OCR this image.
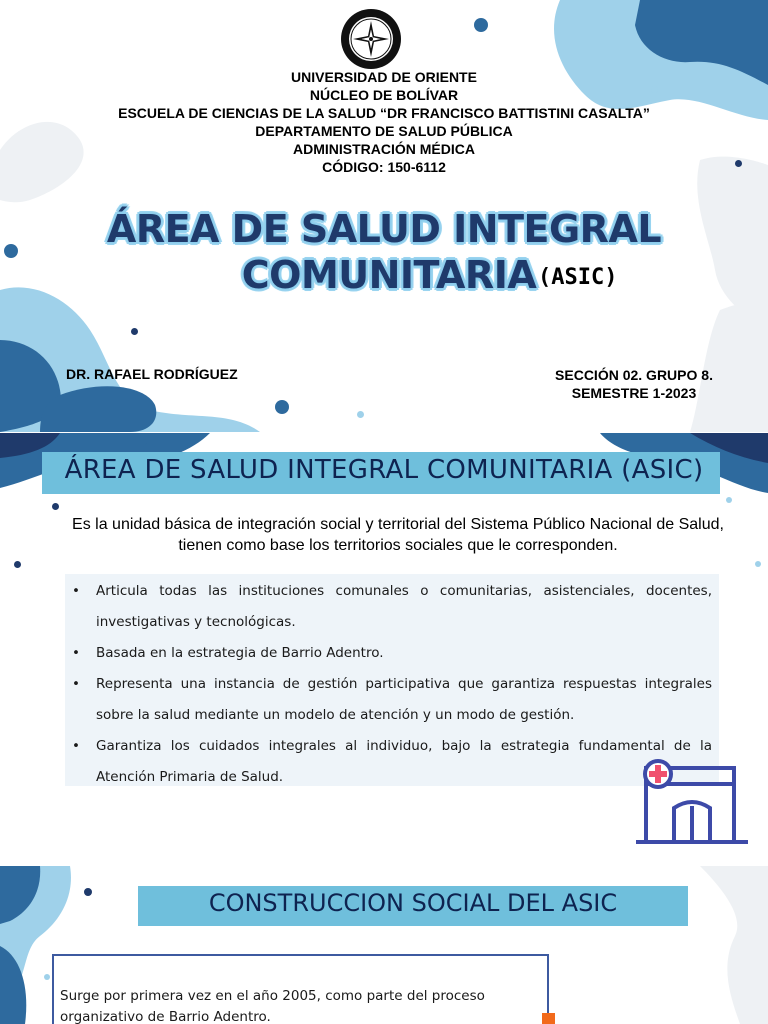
UNIVERSIDAD DE ORIENTE
NÚCLEO DE BOLÍVAR
ESCUELA DE CIENCIAS DE LA SALUD “DR FRANCISCO BATTISTINI CASALTA”
DEPARTAMENTO DE SALUD PÚBLICA
ADMINISTRACIÓN MÉDICA
CÓDIGO: 150-6112
ÁREA DE SALUD INTEGRAL
COMUNITARIA (ASIC)
DR. RAFAEL RODRÍGUEZ	SECCIÓN 02. GRUPO 8.
SEMESTRE 1-2023
ÁREA DE SALUD INTEGRAL COMUNITARIA (ASIC)
Es la unidad básica de integración social y territorial del Sistema Público Nacional de Salud, tienen como base los territorios sociales que le corresponden.
• Articula todas las instituciones comunales o comunitarias, asistenciales, docentes, investigativas y tecnológicas.
• Basada en la estrategia de Barrio Adentro.
• Representa una instancia de gestión participativa que garantiza respuestas integrales sobre la salud mediante un modelo de atención y un modo de gestión.
• Garantiza los cuidados integrales al individuo, bajo la estrategia fundamental de la Atención Primaria de Salud.
CONSTRUCCION SOCIAL DEL ASIC
Surge por primera vez en el año 2005, como parte del proceso
organizativo de Barrio Adentro.
